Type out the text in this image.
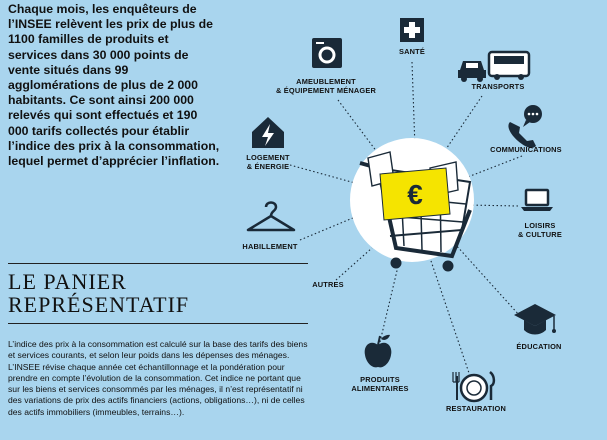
Chaque mois, les enquêteurs de l’INSEE relèvent les prix de plus de 1100 familles de produits et services dans 30 000 points de vente situés dans 99 agglomérations de plus de 2 000 habitants. Ce sont ainsi 200 000 relevés qui sont effectués et 190 000 tarifs collectés pour établir l’indice des prix à la consommation, lequel permet d’apprécier l’inflation.

LE PANIER
REPRÉSENTATIF

L’indice des prix à la consommation est calculé sur la base des tarifs des biens et services courants, et selon leur poids dans les dépenses des ménages. L’INSEE révise chaque année cet échantillonnage et la pondération pour prendre en compte l’évolution de la consommation. Cet indice ne portant que sur les biens et services consommés par les ménages, il n’est représentatif ni des variations de prix des actifs financiers (actions, obligations…), ni de celles des actifs immobiliers (immeubles, terrains…).

€
SANTÉ
AMEUBLEMENT
& ÉQUIPEMENT MÉNAGER	TRANSPORTS
COMMUNICATIONS
LOGEMENT
& ÉNERGIE
LOISIRS
& CULTURE
HABILLEMENT
AUTRES
ÉDUCATION
PRODUITS
ALIMENTAIRES
RESTAURATION
